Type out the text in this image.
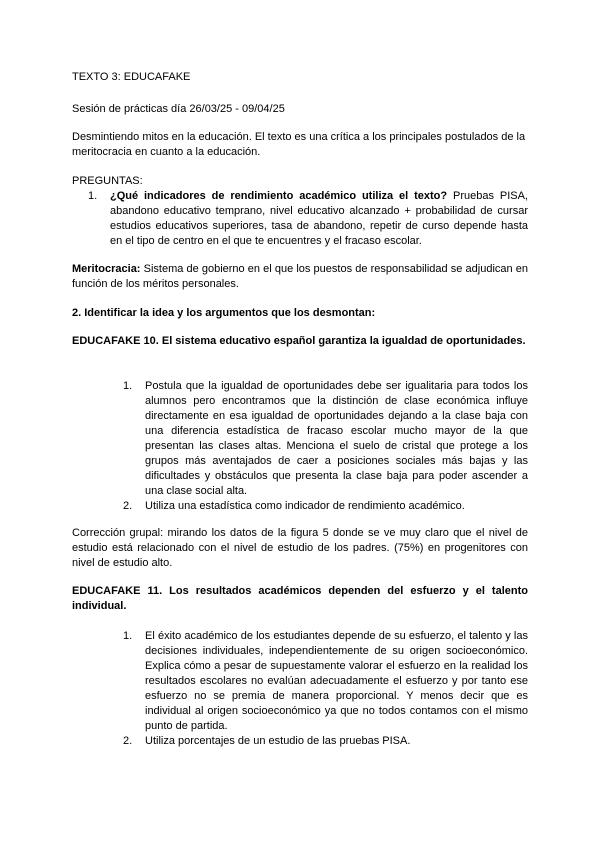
TEXTO 3: EDUCAFAKE

Sesión de prácticas día 26/03/25 - 09/04/25

Desmintiendo mitos en la educación. El texto es una crítica a los principales postulados de la meritocracia en cuanto a la educación.

PREGUNTAS:

1. ¿Qué indicadores de rendimiento académico utiliza el texto? Pruebas PISA, abandono educativo temprano, nivel educativo alcanzado + probabilidad de cursar estudios educativos superiores, tasa de abandono, repetir de curso depende hasta en el tipo de centro en el que te encuentres y el fracaso escolar.

Meritocracia: Sistema de gobierno en el que los puestos de responsabilidad se adjudican en función de los méritos personales.

2. Identificar la idea y los argumentos que los desmontan:

EDUCAFAKE 10. El sistema educativo español garantiza la igualdad de oportunidades.

1. Postula que la igualdad de oportunidades debe ser igualitaria para todos los alumnos pero encontramos que la distinción de clase económica influye directamente en esa igualdad de oportunidades dejando a la clase baja con una diferencia estadística de fracaso escolar mucho mayor de la que presentan las clases altas. Menciona el suelo de cristal que protege a los grupos más aventajados de caer a posiciones sociales más bajas y las dificultades y obstáculos que presenta la clase baja para poder ascender a una clase social alta.
2. Utiliza una estadística como indicador de rendimiento académico.

Corrección grupal: mirando los datos de la figura 5 donde se ve muy claro que el nivel de estudio está relacionado con el nivel de estudio de los padres. (75%) en progenitores con nivel de estudio alto.

EDUCAFAKE 11. Los resultados académicos dependen del esfuerzo y el talento individual.

1. El éxito académico de los estudiantes depende de su esfuerzo, el talento y las decisiones individuales, independientemente de su origen socioeconómico. Explica cómo a pesar de supuestamente valorar el esfuerzo en la realidad los resultados escolares no evalúan adecuadamente el esfuerzo y por tanto ese esfuerzo no se premia de manera proporcional. Y menos decir que es individual al origen socioeconómico ya que no todos contamos con el mismo punto de partida.
2. Utiliza porcentajes de un estudio de las pruebas PISA.
